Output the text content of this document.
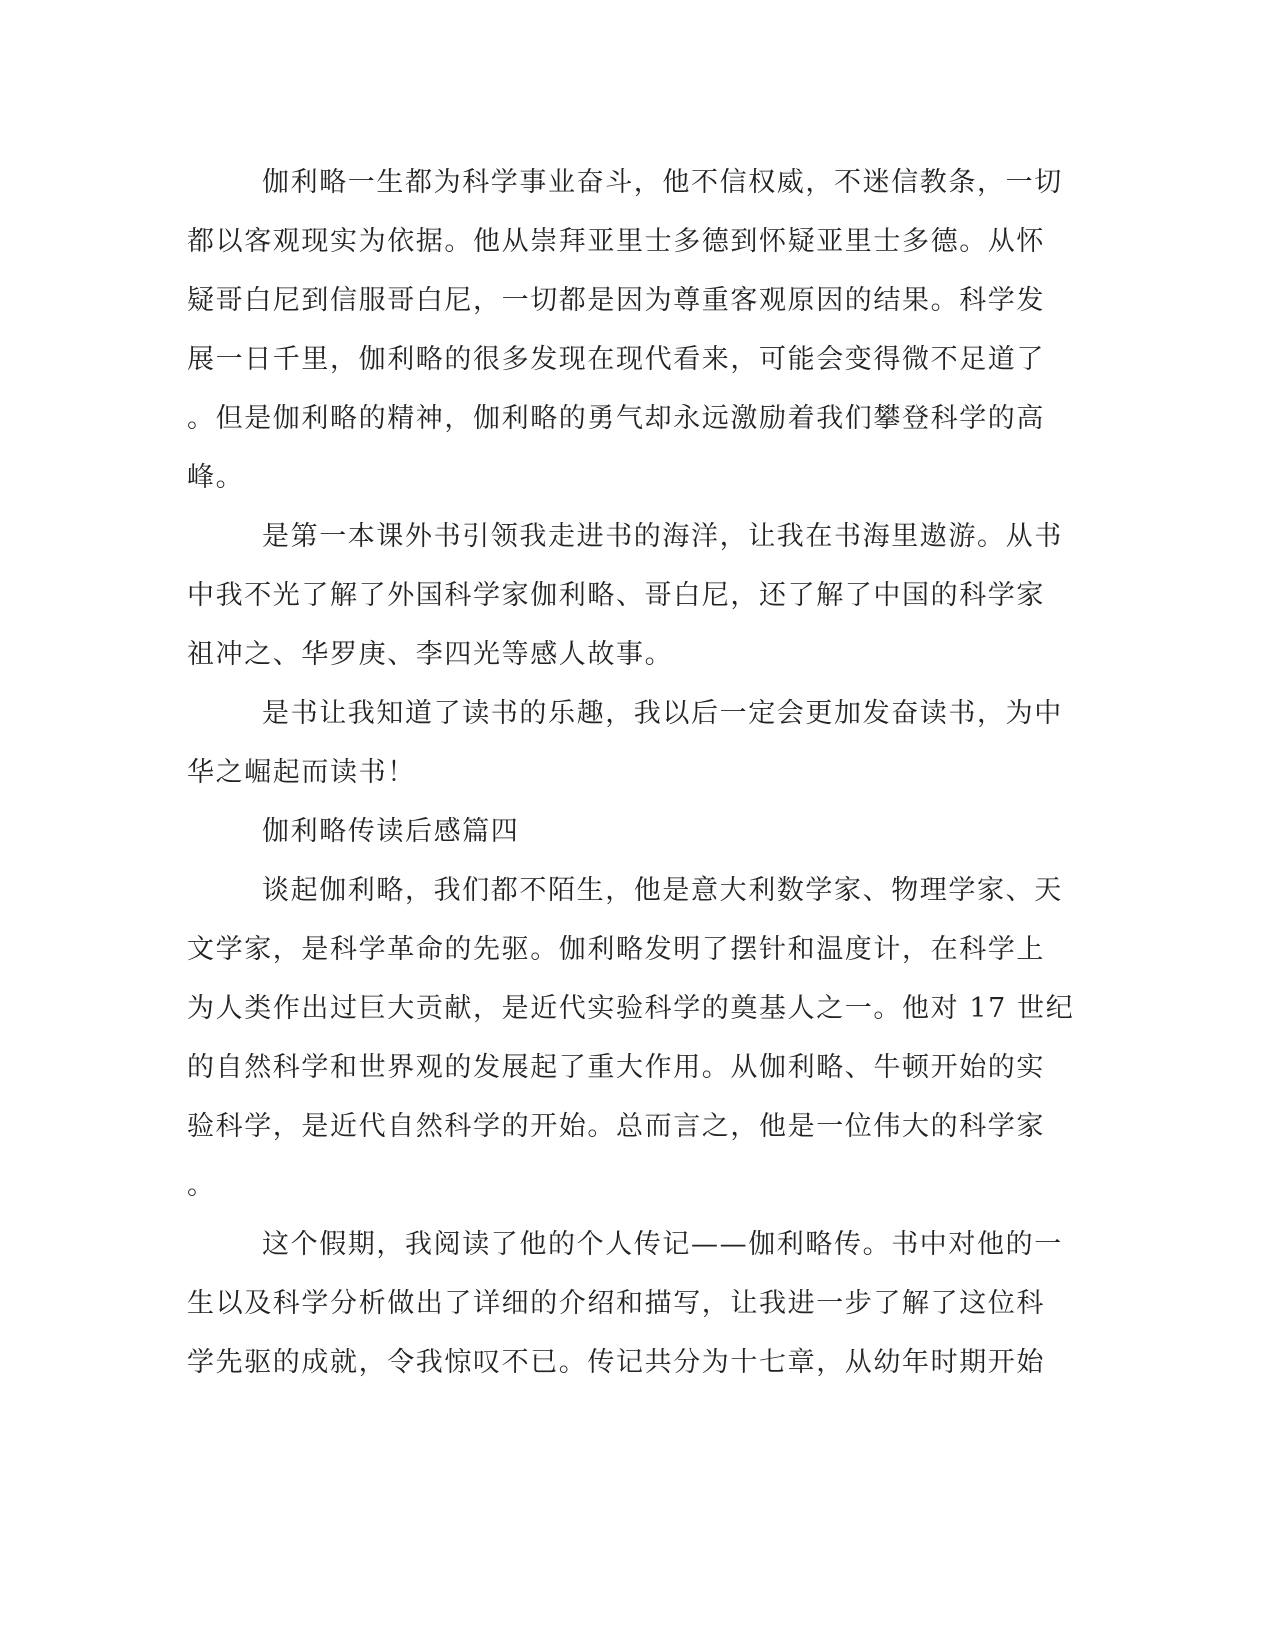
伽利略一生都为科学事业奋斗，他不信权威，不迷信教条，一切

都以客观现实为依据。他从崇拜亚里士多德到怀疑亚里士多德。从怀

疑哥白尼到信服哥白尼，一切都是因为尊重客观原因的结果。科学发

展一日千里，伽利略的很多发现在现代看来，可能会变得微不足道了

。但是伽利略的精神，伽利略的勇气却永远激励着我们攀登科学的高

峰。

是第一本课外书引领我走进书的海洋，让我在书海里遨游。从书

中我不光了解了外国科学家伽利略、哥白尼，还了解了中国的科学家

祖冲之、华罗庚、李四光等感人故事。

是书让我知道了读书的乐趣，我以后一定会更加发奋读书，为中

华之崛起而读书！

伽利略传读后感篇四

谈起伽利略，我们都不陌生，他是意大利数学家、物理学家、天

文学家，是科学革命的先驱。伽利略发明了摆针和温度计，在科学上

为人类作出过巨大贡献，是近代实验科学的奠基人之一。他对 17 世纪

的自然科学和世界观的发展起了重大作用。从伽利略、牛顿开始的实

验科学，是近代自然科学的开始。总而言之，他是一位伟大的科学家

。

这个假期，我阅读了他的个人传记——伽利略传。书中对他的一

生以及科学分析做出了详细的介绍和描写，让我进一步了解了这位科

学先驱的成就，令我惊叹不已。传记共分为十七章，从幼年时期开始
